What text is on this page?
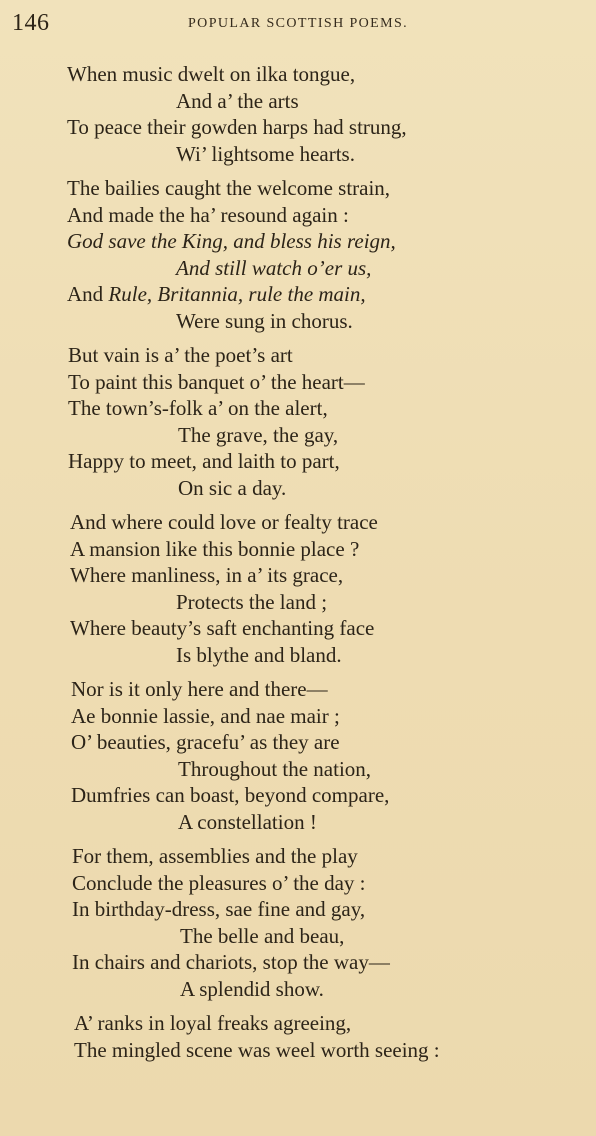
146	POPULAR SCOTTISH POEMS.
When music dwelt on ilka tongue,
And a’ the arts
To peace their gowden harps had strung,
Wi’ lightsome hearts.
The bailies caught the welcome strain,
And made the ha’ resound again :
God save the King, and bless his reign,
And still watch o’er us,
And Rule, Britannia, rule the main,
Were sung in chorus.
But vain is a’ the poet’s art
To paint this banquet o’ the heart—
The town’s-folk a’ on the alert,
The grave, the gay,
Happy to meet, and laith to part,
On sic a day.
And where could love or fealty trace
A mansion like this bonnie place ?
Where manliness, in a’ its grace,
Protects the land ;
Where beauty’s saft enchanting face
Is blythe and bland.
Nor is it only here and there—
Ae bonnie lassie, and nae mair ;
O’ beauties, gracefu’ as they are
Throughout the nation,
Dumfries can boast, beyond compare,
A constellation !
For them, assemblies and the play
Conclude the pleasures o’ the day :
In birthday-dress, sae fine and gay,
The belle and beau,
In chairs and chariots, stop the way—
A splendid show.
A’ ranks in loyal freaks agreeing,
The mingled scene was weel worth seeing :
